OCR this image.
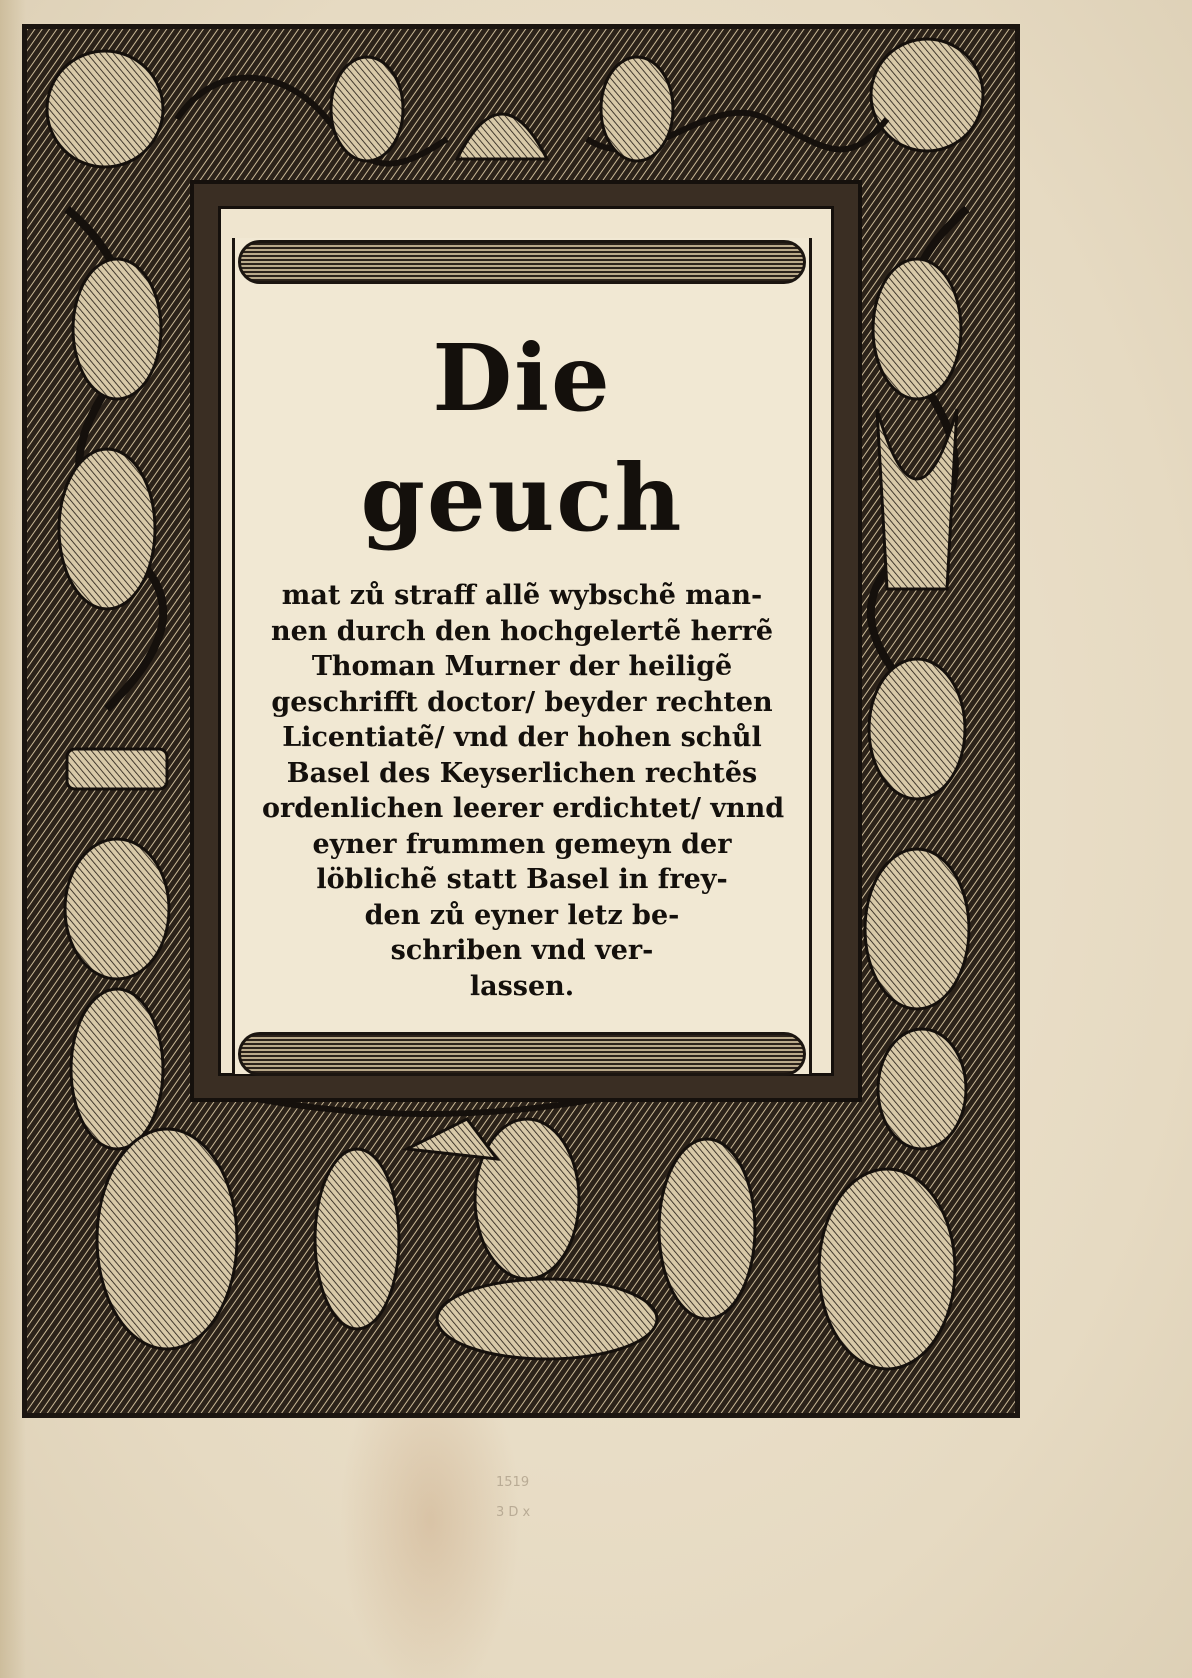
Die geuch

mat zů straff allẽ wybschẽ man-

nen durch den hochgelertẽ herrẽ

Thoman Murner der heiligẽ

geschrifft doctor/ beyder rechten

Licentiatẽ/ vnd der hohen schůl

Basel des Keyserlichen rechtẽs

ordenlichen leerer erdichtet/ vnnd

eyner frummen gemeyn der

löblichẽ statt Basel in frey-

den zů eyner letz be-

schriben vnd ver-

lassen.

1519
3 D x
